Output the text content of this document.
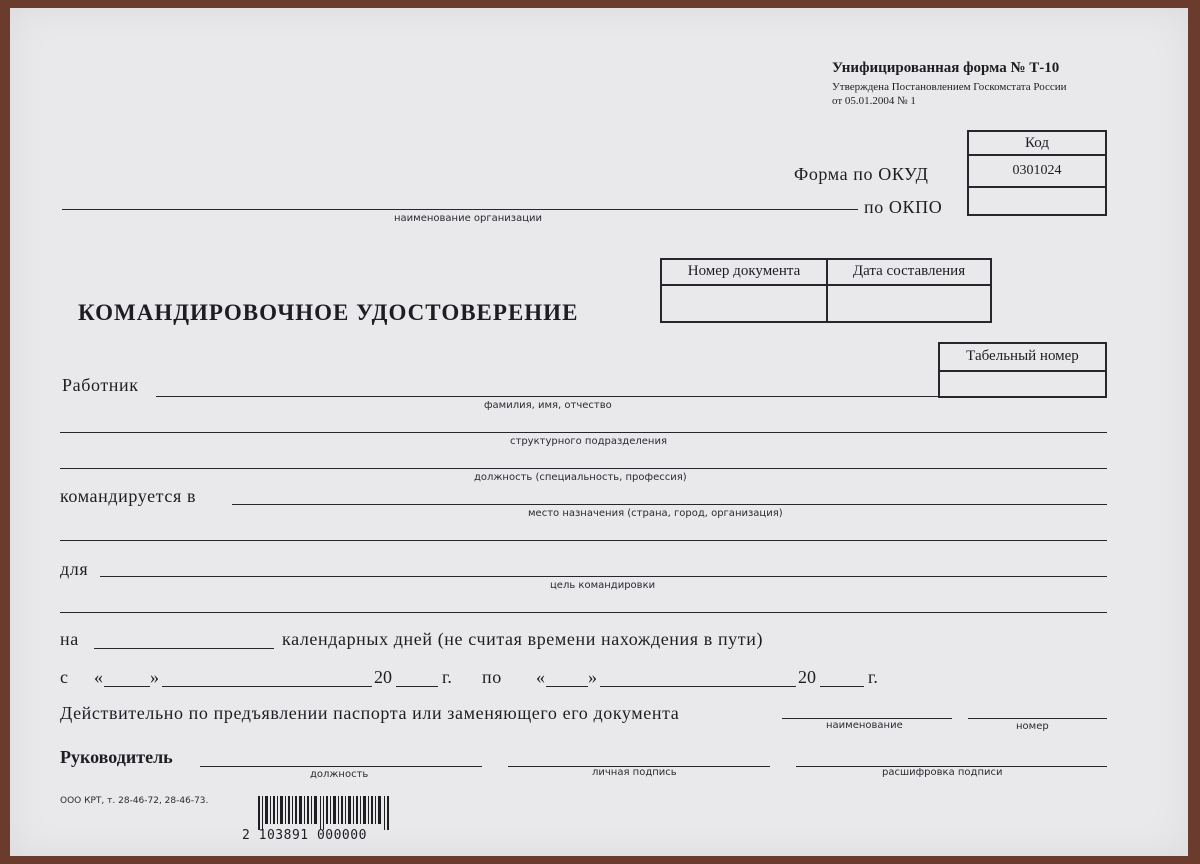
Унифицированная форма № Т-10
Утверждена Постановлением Госкомстата России
от 05.01.2004 № 1
Код
0301024
Форма по ОКУД
по ОКПО
наименование организации
Номер документа	Дата составления
КОМАНДИРОВОЧНОЕ УДОСТОВЕРЕНИЕ
Табельный номер
Работник
фамилия, имя, отчество
структурного подразделения
должность (специальность, профессия)
командируется в
место назначения (страна, город, организация)
для
цель командировки
на	календарных дней (не считая времени нахождения в пути)
с «	»	20	г. по « »	20	г.
Действительно по предъявлении паспорта или заменяющего его документа
наименование	номер
Руководитель
должность	личная подпись	расшифровка подписи
ООО КРТ, т. 28-46-72, 28-46-73.
2 103891 000000
